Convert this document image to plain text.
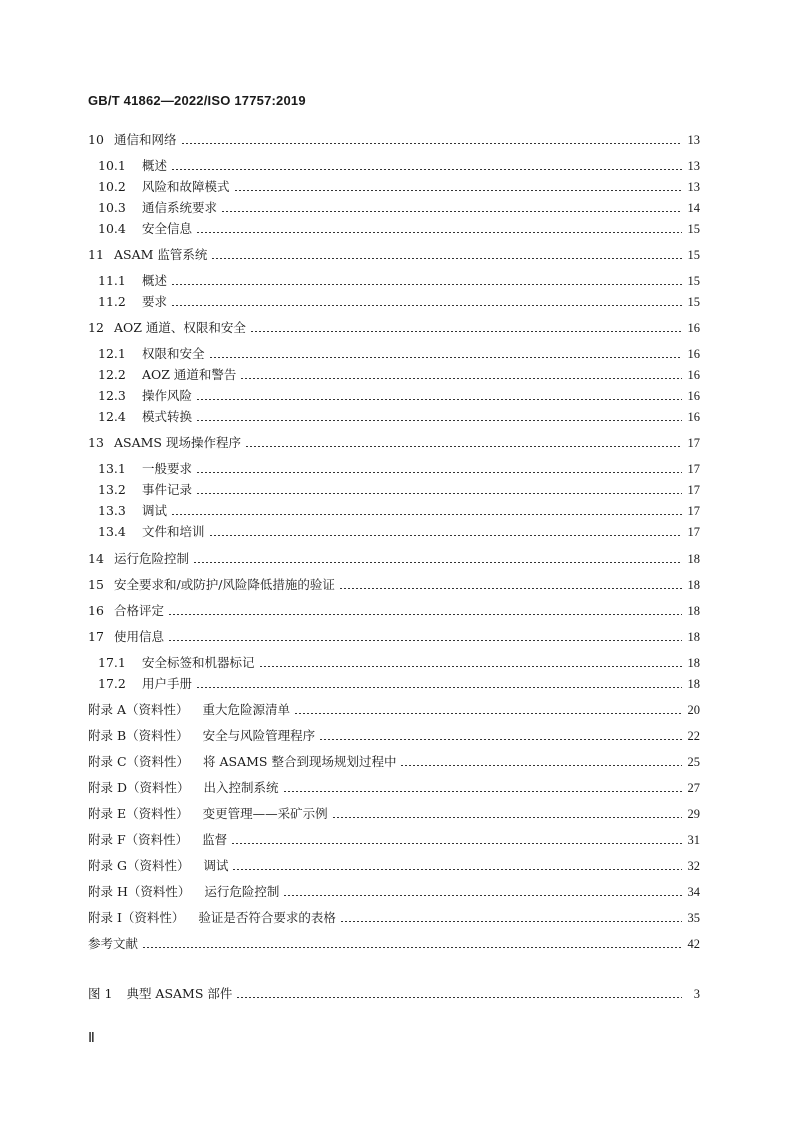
GB/T 41862—2022/ISO 17757:2019
10 通信和网络	13
10.1	概述	13
10.2	风险和故障模式	13
10.3	通信系统要求	14
10.4	安全信息	15
11 ASAM 监管系统	15
11.1	概述	15
11.2	要求	15
12 AOZ 通道、权限和安全	16
12.1	权限和安全	16
12.2	AOZ 通道和警告	16
12.3	操作风险	16
12.4	模式转换	16
13 ASAMS 现场操作程序	17
13.1	一般要求	17
13.2	事件记录	17
13.3	调试	17
13.4	文件和培训	17
14 运行危险控制	18
15 安全要求和/或防护/风险降低措施的验证	18
16 合格评定	18
17 使用信息	18
17.1	安全标签和机器标记	18
17.2	用户手册	18
附录 A（资料性） 重大危险源清单	20
附录 B（资料性） 安全与风险管理程序	22
附录 C（资料性） 将 ASAMS 整合到现场规划过程中	25
附录 D（资料性） 出入控制系统	27
附录 E（资料性） 变更管理——采矿示例	29
附录 F（资料性） 监督	31
附录 G（资料性） 调试	32
附录 H（资料性） 运行危险控制	34
附录 I（资料性） 验证是否符合要求的表格	35
参考文献	42
图 1 典型 ASAMS 部件	3
Ⅱ
